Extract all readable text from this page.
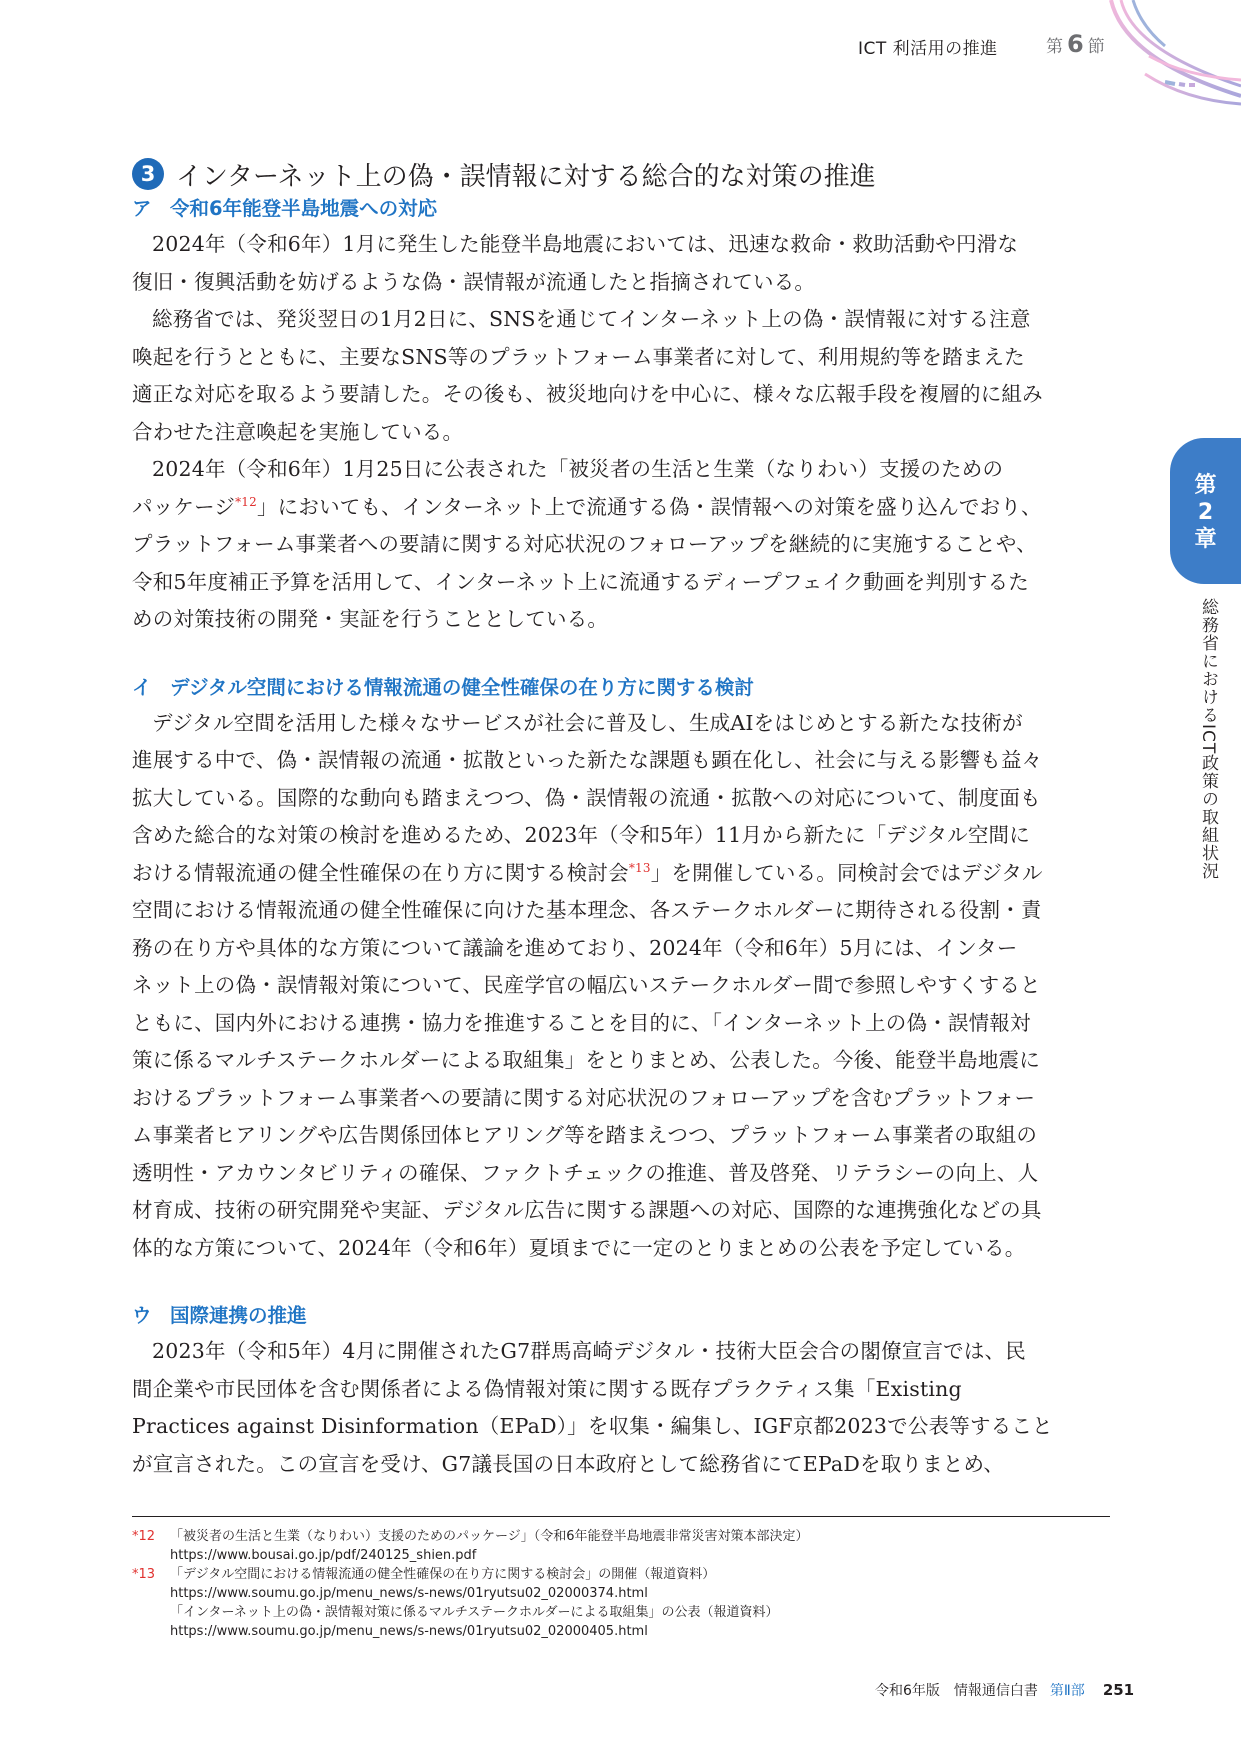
ICT 利活用の推進	第 6 節
第
2
章
総務省におけるICT政策の取組状況
3 インターネット上の偽・誤情報に対する総合的な対策の推進
ア 令和6年能登半島地震への対応
2024年（令和6年）1月に発生した能登半島地震においては、迅速な救命・救助活動や円滑な
復旧・復興活動を妨げるような偽・誤情報が流通したと指摘されている。
総務省では、発災翌日の1月2日に、SNSを通じてインターネット上の偽・誤情報に対する注意
喚起を行うとともに、主要なSNS等のプラットフォーム事業者に対して、利用規約等を踏まえた
適正な対応を取るよう要請した。その後も、被災地向けを中心に、様々な広報手段を複層的に組み
合わせた注意喚起を実施している。
2024年（令和6年）1月25日に公表された「被災者の生活と生業（なりわい）支援のための
パッケージ$^{*12}$」においても、インターネット上で流通する偽・誤情報への対策を盛り込んでおり、
プラットフォーム事業者への要請に関する対応状況のフォローアップを継続的に実施することや、
令和5年度補正予算を活用して、インターネット上に流通するディープフェイク動画を判別するた
めの対策技術の開発・実証を行うこととしている。
イ デジタル空間における情報流通の健全性確保の在り方に関する検討
デジタル空間を活用した様々なサービスが社会に普及し、生成AIをはじめとする新たな技術が
進展する中で、偽・誤情報の流通・拡散といった新たな課題も顕在化し、社会に与える影響も益々
拡大している。国際的な動向も踏まえつつ、偽・誤情報の流通・拡散への対応について、制度面も
含めた総合的な対策の検討を進めるため、2023年（令和5年）11月から新たに「デジタル空間に
おける情報流通の健全性確保の在り方に関する検討会$^{*13}$」を開催している。同検討会ではデジタル
空間における情報流通の健全性確保に向けた基本理念、各ステークホルダーに期待される役割・責
務の在り方や具体的な方策について議論を進めており、2024年（令和6年）5月には、インター
ネット上の偽・誤情報対策について、民産学官の幅広いステークホルダー間で参照しやすくすると
ともに、国内外における連携・協力を推進することを目的に、「インターネット上の偽・誤情報対
策に係るマルチステークホルダーによる取組集」をとりまとめ、公表した。今後、能登半島地震に
おけるプラットフォーム事業者への要請に関する対応状況のフォローアップを含むプラットフォー
ム事業者ヒアリングや広告関係団体ヒアリング等を踏まえつつ、プラットフォーム事業者の取組の
透明性・アカウンタビリティの確保、ファクトチェックの推進、普及啓発、リテラシーの向上、人
材育成、技術の研究開発や実証、デジタル広告に関する課題への対応、国際的な連携強化などの具
体的な方策について、2024年（令和6年）夏頃までに一定のとりまとめの公表を予定している。
ウ 国際連携の推進
2023年（令和5年）4月に開催されたG7群馬高崎デジタル・技術大臣会合の閣僚宣言では、民
間企業や市民団体を含む関係者による偽情報対策に関する既存プラクティス集「Existing
Practices against Disinformation（EPaD）」を収集・編集し、IGF京都2023で公表等すること
が宣言された。この宣言を受け、G7議長国の日本政府として総務省にてEPaDを取りまとめ、
*12	「被災者の生活と生業（なりわい）支援のためのパッケージ」（令和6年能登半島地震非常災害対策本部決定）
https://www.bousai.go.jp/pdf/240125_shien.pdf
*13	「デジタル空間における情報流通の健全性確保の在り方に関する検討会」の開催（報道資料）
https://www.soumu.go.jp/menu_news/s-news/01ryutsu02_02000374.html
「インターネット上の偽・誤情報対策に係るマルチステークホルダーによる取組集」の公表（報道資料）
https://www.soumu.go.jp/menu_news/s-news/01ryutsu02_02000405.html
令和6年版 情報通信白書 第Ⅱ部 251
